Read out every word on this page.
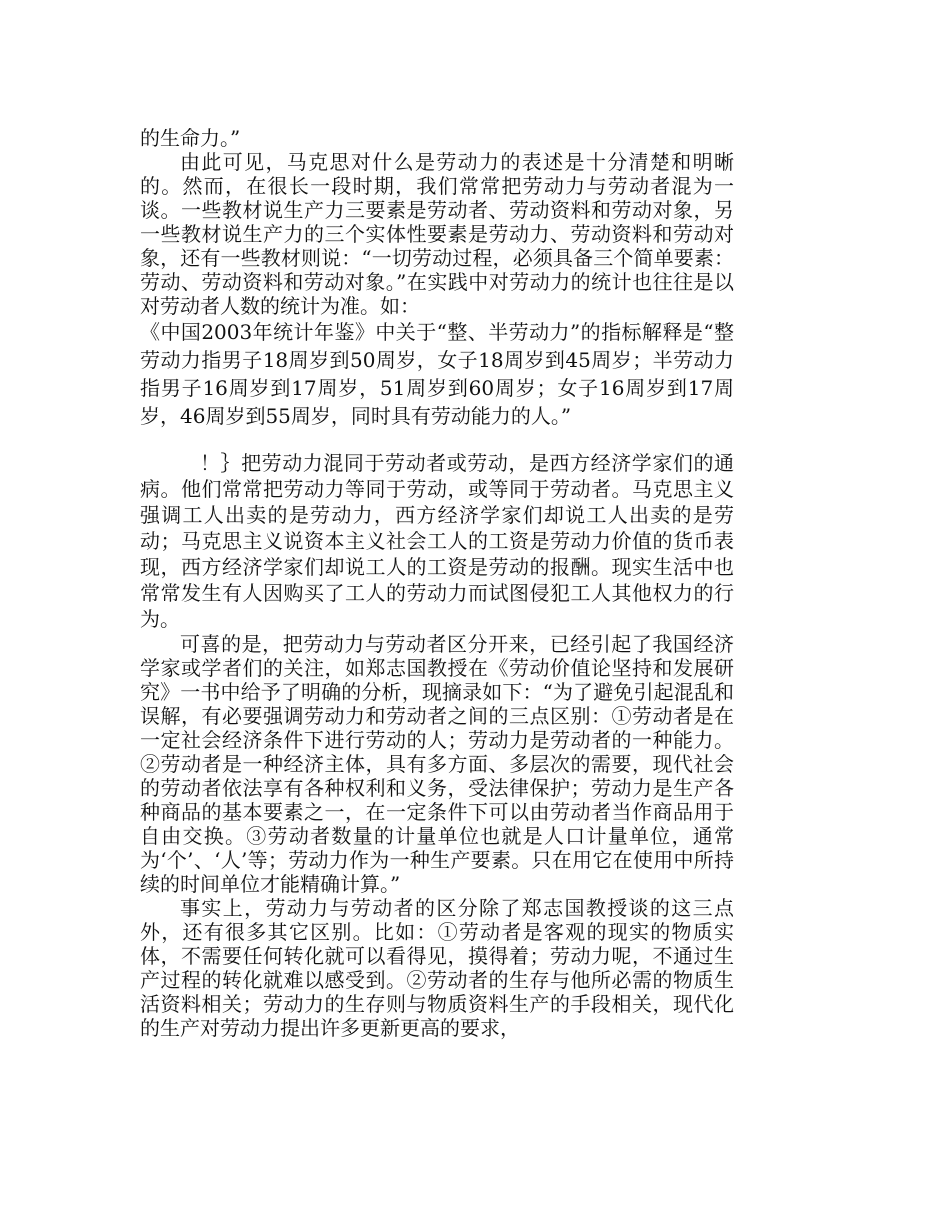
的生命力。”

由此可见，马克思对什么是劳动力的表述是十分清楚和明晰的。然而，在很长一段时期，我们常常把劳动力与劳动者混为一谈。一些教材说生产力三要素是劳动者、劳动资料和劳动对象，另一些教材说生产力的三个实体性要素是劳动力、劳动资料和劳动对象，还有一些教材则说：“一切劳动过程，必须具备三个简单要素：劳动、劳动资料和劳动对象。”在实践中对劳动力的统计也往往是以对劳动者人数的统计为准。如：

《中国2003年统计年鉴》中关于“整、半劳动力”的指标解释是“整劳动力指男子18周岁到50周岁，女子18周岁到45周岁；半劳动力指男子16周岁到17周岁，51周岁到60周岁；女子16周岁到17周岁，46周岁到55周岁，同时具有劳动能力的人。”

！｝把劳动力混同于劳动者或劳动，是西方经济学家们的通病。他们常常把劳动力等同于劳动，或等同于劳动者。马克思主义强调工人出卖的是劳动力，西方经济学家们却说工人出卖的是劳动；马克思主义说资本主义社会工人的工资是劳动力价值的货币表现，西方经济学家们却说工人的工资是劳动的报酬。现实生活中也常常发生有人因购买了工人的劳动力而试图侵犯工人其他权力的行为。

可喜的是，把劳动力与劳动者区分开来，已经引起了我国经济学家或学者们的关注，如郑志国教授在《劳动价值论坚持和发展研究》一书中给予了明确的分析，现摘录如下：“为了避免引起混乱和误解，有必要强调劳动力和劳动者之间的三点区别：①劳动者是在一定社会经济条件下进行劳动的人；劳动力是劳动者的一种能力。②劳动者是一种经济主体，具有多方面、多层次的需要，现代社会的劳动者依法享有各种权利和义务，受法律保护；劳动力是生产各种商品的基本要素之一，在一定条件下可以由劳动者当作商品用于自由交换。③劳动者数量的计量单位也就是人口计量单位，通常为‘个’、‘人’等；劳动力作为一种生产要素。只在用它在使用中所持续的时间单位才能精确计算。”

事实上，劳动力与劳动者的区分除了郑志国教授谈的这三点外，还有很多其它区别。比如：①劳动者是客观的现实的物质实体，不需要任何转化就可以看得见，摸得着；劳动力呢，不通过生产过程的转化就难以感受到。②劳动者的生存与他所必需的物质生活资料相关；劳动力的生存则与物质资料生产的手段相关，现代化的生产对劳动力提出许多更新更高的要求，
